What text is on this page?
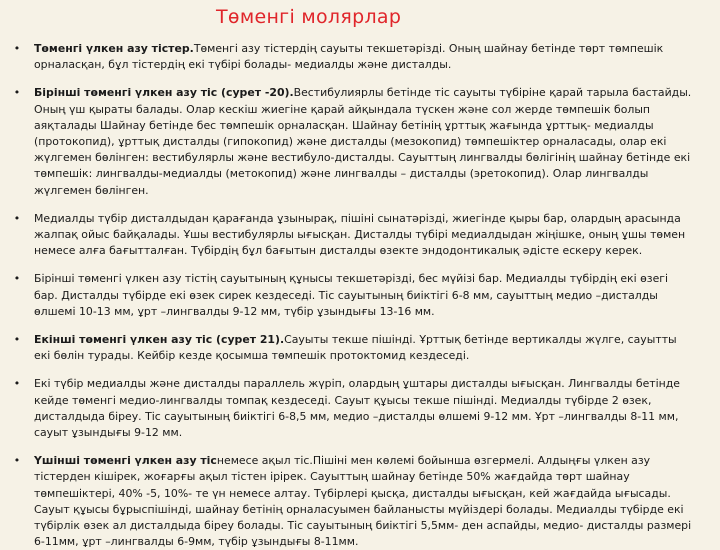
Төменгі молярлар
•	Төменгі үлкен азу тістер.Төменгі азу тістердің сауыты текшетәрізді. Оның шайнау бетінде төрт төмпешік орналасқан, бұл тістердің екі түбірі болады- медиалды және дисталды.
•	Бірінші төменгі үлкен азу тіс (сурет -20).Вестибулиярлы бетінде тіс сауыты түбіріне қарай тарыла бастайды. Оның үш қыраты балады. Олар кескіш жиегіне қарай айқындала түскен және сол жерде төмпешік болып аяқталады Шайнау бетінде бес төмпешік орналасқан. Шайнау бетінің ұрттық жағында ұрттық- медиалды (протокопид), ұрттық дисталды (гипокопид) және дисталды (мезокопид) төмпешіктер орналасады, олар екі жүлгемен бөлінген: вестибулярлы және вестибуло-дисталды. Сауыттың лингвалды бөлігінің шайнау бетінде екі төмпешік: лингвалды-медиалды (метокопид) және лингвалды – дисталды (эретокопид). Олар лингвалды жүлгемен бөлінген.
•	Медиалды түбір дисталдыдан қарағанда ұзынырақ, пішіні сынатәрізді, жиегінде қыры бар, олардың арасында жалпақ ойыс байқалады. Ұшы вестибулярлы ығысқан. Дисталды түбірі медиалдыдан жіңішке, оның ұшы төмен немесе алға бағытталған. Түбірдің бұл бағытын дисталды өзекте эндодонтикалық әдісте ескеру керек.
•	Бірінші төменгі үлкен азу тістің сауытының құнысы текшетәрізді, бес мүйізі бар. Медиалды түбірдің екі өзегі бар. Дисталды түбірде екі өзек сирек кездеседі. Тіс сауытының биіктігі 6-8 мм, сауыттың медио –дисталды өлшемі 10-13 мм, ұрт –лингвалды 9-12 мм, түбір ұзындығы 13-16 мм.
•	Екінші төменгі үлкен азу тіс (сурет 21).Сауыты текше пішінді. Ұрттық бетінде вертикалды жүлге, сауытты екі бөлін турады. Кейбір кезде қосымша төмпешік протоктомид кездеседі.
•	Екі түбір медиалды және дисталды параллель жүріп, олардың ұштары дисталды ығысқан. Лингвалды бетінде кейде төменгі медио-лингвалды томпақ кездеседі. Сауыт құысы текше пішінді. Медиалды түбірде 2 өзек, дисталдыда біреу. Тіс сауытының биіктігі 6-8,5 мм, медио –дисталды өлшемі 9-12 мм. Ұрт –лингвалды 8-11 мм, сауыт ұзындығы 9-12 мм.
•	Үшінші төменгі үлкен азу тіснемесе ақыл тіс.Пішіні мен көлемі бойынша өзгермелі. Алдыңғы үлкен азу тістерден кішірек, жоғарғы ақыл тістен ірірек. Сауыттың шайнау бетінде 50% жағдайда төрт шайнау төмпешіктері, 40% -5, 10%- те үн немесе алтау. Түбірлері қысқа, дисталды ығысқан, кей жағдайда ығысады. Сауыт құысы бұрыспішінді, шайнау бетінің орналасуымен байланысты мүйіздері болады. Медиалды түбірде екі түбірлік өзек ал дисталдыда біреу болады. Тіс сауытының биіктігі 5,5мм- ден аспайды, медио- дисталды размері 6-11мм, ұрт –лингвалды 6-9мм, түбір ұзындығы 8-11мм.
